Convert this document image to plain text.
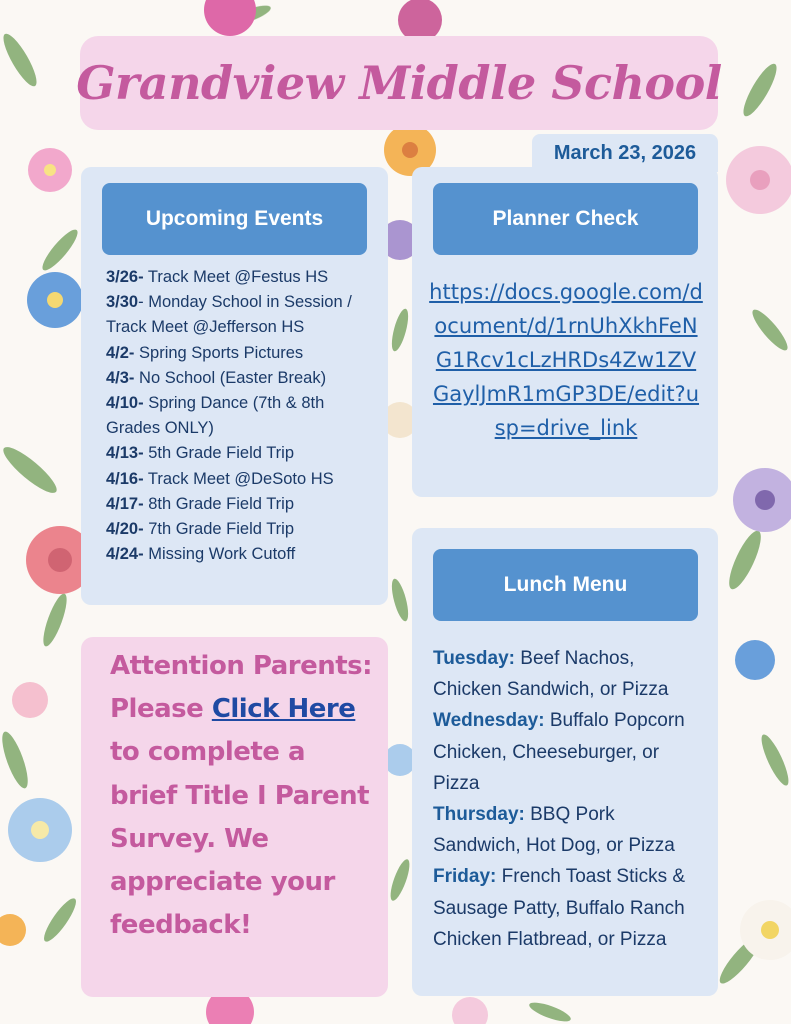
Grandview Middle School
March 23, 2026
Upcoming Events
3/26- Track Meet @Festus HS
3/30- Monday School in Session / Track Meet @Jefferson HS
4/2- Spring Sports Pictures
4/3- No School (Easter Break)
4/10- Spring Dance (7th & 8th Grades ONLY)
4/13- 5th Grade Field Trip
4/16- Track Meet @DeSoto HS
4/17- 8th Grade Field Trip
4/20- 7th Grade Field Trip
4/24- Missing Work Cutoff
Planner Check
https://docs.google.com/document/d/1rnUhXkhFeNG1Rcv1cLzHRDs4Zw1ZVGaylJmR1mGP3DE/edit?usp=drive_link
Lunch Menu
Tuesday: Beef Nachos, Chicken Sandwich, or Pizza
Wednesday: Buffalo Popcorn Chicken, Cheeseburger, or Pizza
Thursday: BBQ Pork Sandwich, Hot Dog, or Pizza
Friday: French Toast Sticks & Sausage Patty, Buffalo Ranch Chicken Flatbread, or Pizza
Attention Parents: Please Click Here to complete a brief Title I Parent Survey. We appreciate your feedback!
